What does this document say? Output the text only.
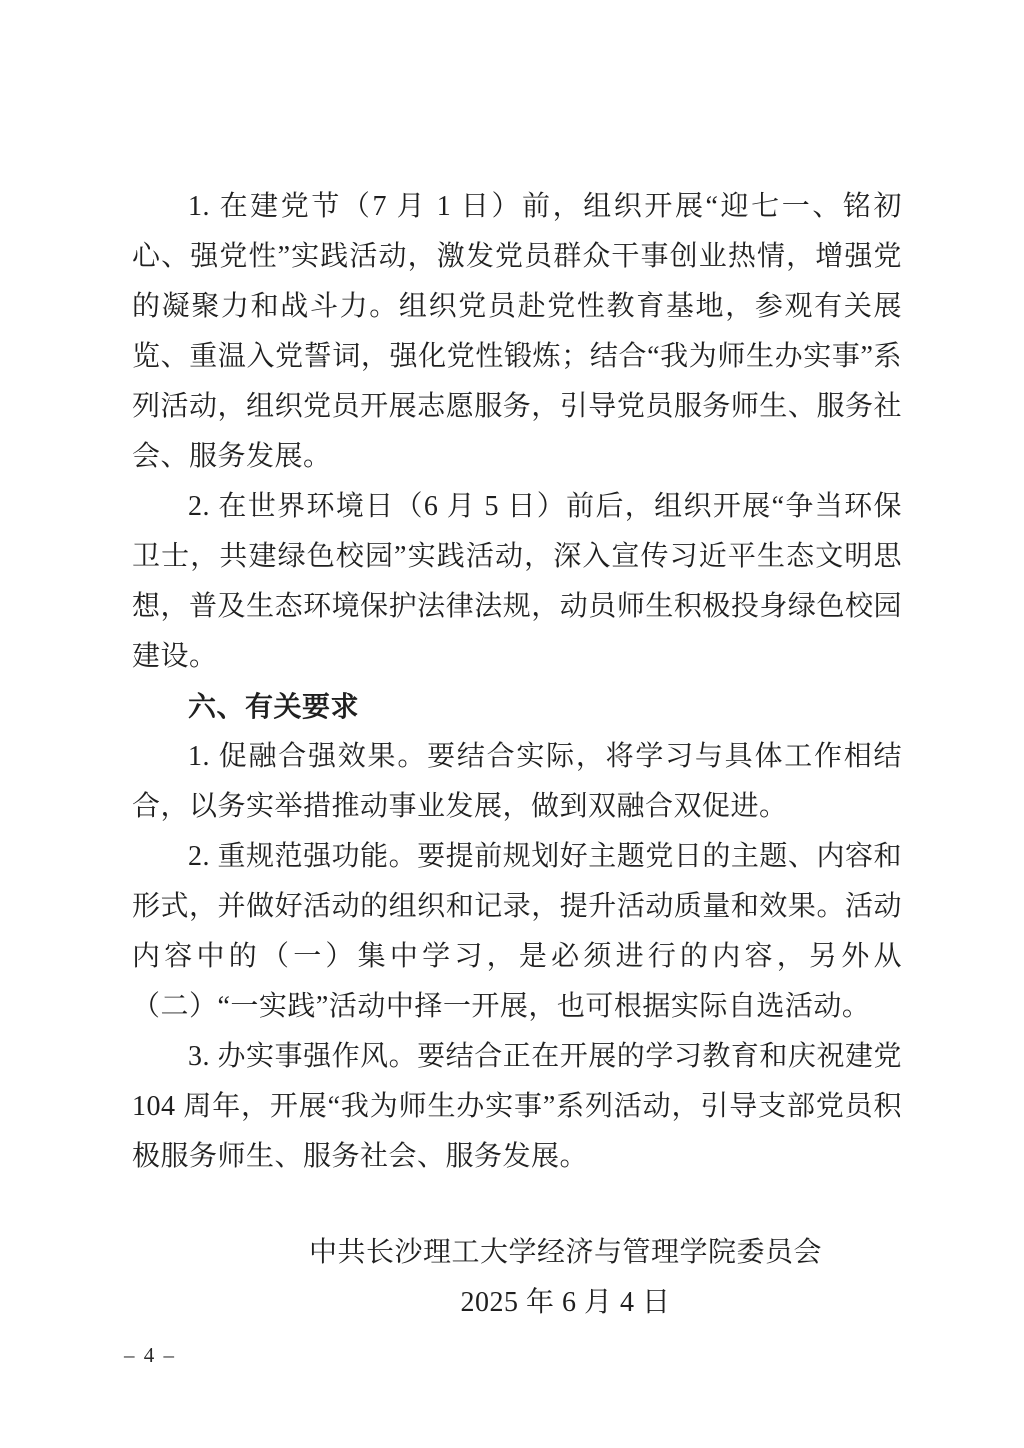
1. 在建党节（7 月 1 日）前，组织开展“迎七一、铭初心、强党性”实践活动，激发党员群众干事创业热情，增强党的凝聚力和战斗力。组织党员赴党性教育基地，参观有关展览、重温入党誓词，强化党性锻炼；结合“我为师生办实事”系列活动，组织党员开展志愿服务，引导党员服务师生、服务社会、服务发展。

2. 在世界环境日（6 月 5 日）前后，组织开展“争当环保卫士，共建绿色校园”实践活动，深入宣传习近平生态文明思想，普及生态环境保护法律法规，动员师生积极投身绿色校园建设。

六、有关要求

1. 促融合强效果。要结合实际，将学习与具体工作相结合，以务实举措推动事业发展，做到双融合双促进。

2. 重规范强功能。要提前规划好主题党日的主题、内容和形式，并做好活动的组织和记录，提升活动质量和效果。活动内容中的（一）集中学习，是必须进行的内容，另外从（二）“一实践”活动中择一开展，也可根据实际自选活动。

3. 办实事强作风。要结合正在开展的学习教育和庆祝建党 104 周年，开展“我为师生办实事”系列活动，引导支部党员积极服务师生、服务社会、服务发展。

中共长沙理工大学经济与管理学院委员会
2025 年 6 月 4 日
– 4 –
